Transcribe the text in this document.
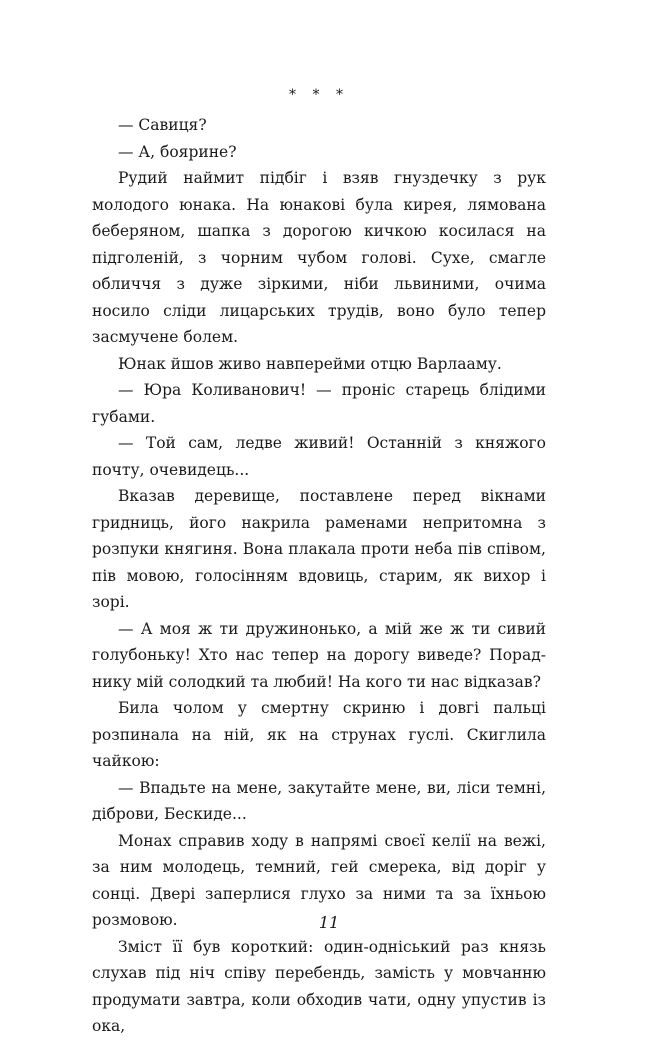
* * *

— Савиця?

— А, боярине?

Рудий наймит підбіг і взяв гнуздечку з рук молодого юнака. На юнакові була кирея, лямована беберяном, шапка з дорогою кичкою косилася на підголеній, з чорним чубом голові. Сухе, смагле обличчя з дуже зіркими, ніби львиними, очима носило сліди лицарських трудів, воно було тепер засмучене болем.

Юнак йшов живо навперейми отцю Варлааму.

— Юра Коливанович! — проніс старець блідими губами.

— Той сам, ледве живий! Останній з княжого почту, очевидець...

Вказав деревище, поставлене перед вікнами гридниць, його накрила раменами непритомна з розпуки княгиня. Вона плакала проти неба пів співом, пів мовою, голосінням вдовиць, старим, як вихор і зорі.

— А моя ж ти дружинонько, а мій же ж ти сивий голубоньку! Хто нас тепер на дорогу виведе? Пораднику мій солодкий та любий! На кого ти нас відказав?

Била чолом у смертну скриню і довгі пальці розпинала на ній, як на струнах гуслі. Скиглила чайкою:

— Впадьте на мене, закутайте мене, ви, ліси темні, діброви, Бескиде...

Монах справив ходу в напрямі своєї келії на вежі, за ним молодець, темний, гей смерека, від доріг у сонці. Двері заперлися глухо за ними та за їхньою розмовою.

Зміст її був короткий: один-одніський раз князь слухав під ніч співу перебендь, замість у мовчанню продумати завтра, коли обходив чати, одну упустив із ока,

11
